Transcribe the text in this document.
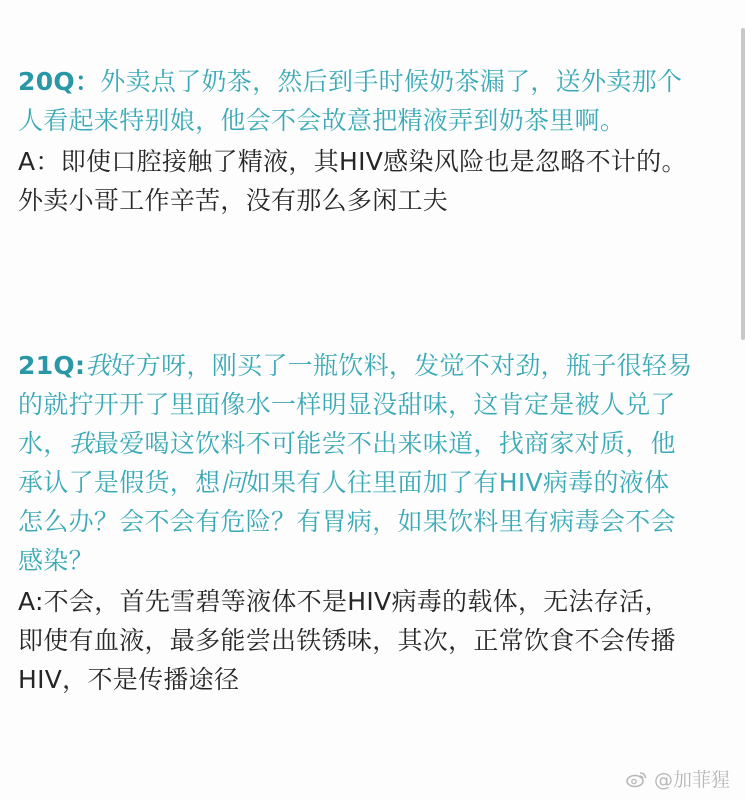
20Q：外卖点了奶茶，然后到手时候奶茶漏了，送外卖那个
人看起来特别娘，他会不会故意把精液弄到奶茶里啊。
A：即使口腔接触了精液，其HIV感染风险也是忽略不计的。
外卖小哥工作辛苦，没有那么多闲工夫
21Q:我好方呀，刚买了一瓶饮料，发觉不对劲，瓶子很轻易
的就拧开开了里面像水一样明显没甜味，这肯定是被人兑了
水，我最爱喝这饮料不可能尝不出来味道，找商家对质，他
承认了是假货，想问如果有人往里面加了有HIV病毒的液体
怎么办？会不会有危险？有胃病，如果饮料里有病毒会不会
感染？
A:不会，首先雪碧等液体不是HIV病毒的载体，无法存活，
即使有血液，最多能尝出铁锈味，其次，正常饮食不会传播
HIV，不是传播途径
@加菲猩
